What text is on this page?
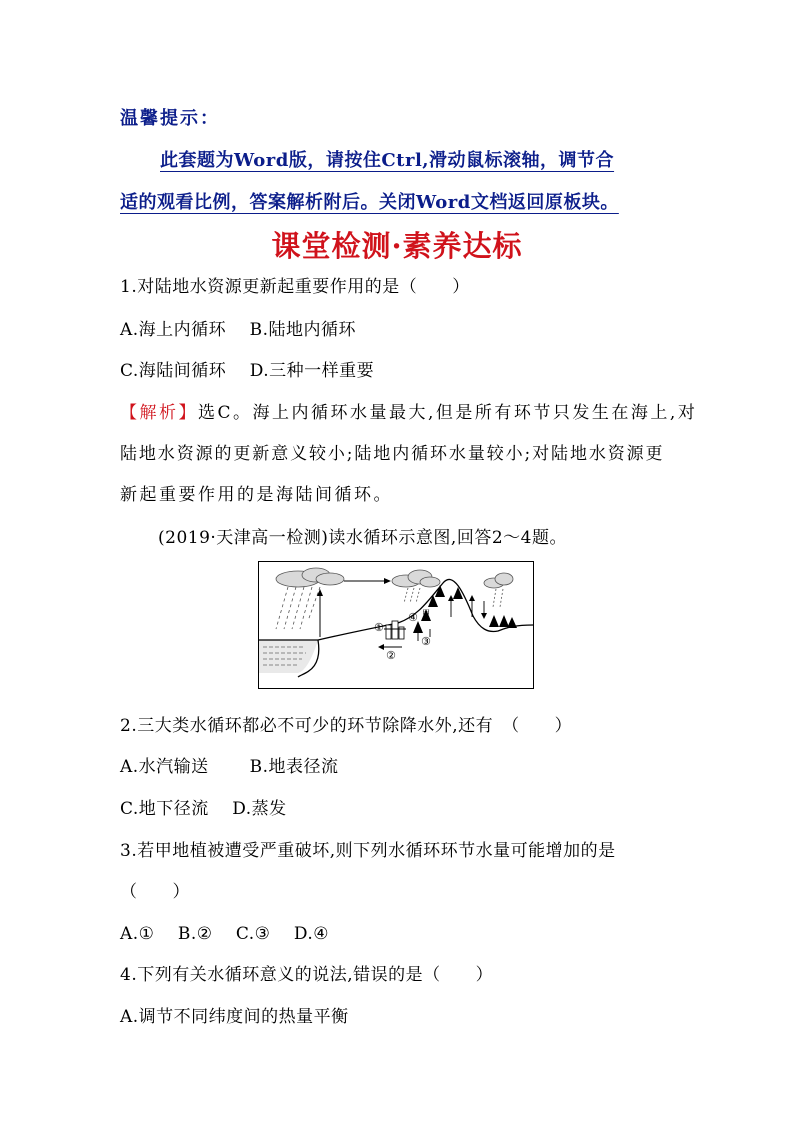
温馨提示：
此套题为Word版，请按住Ctrl,滑动鼠标滚轴，调节合
适的观看比例，答案解析附后。关闭Word文档返回原板块。
课堂检测·素养达标
1.对陆地水资源更新起重要作用的是（　　）
A.海上内循环　 B.陆地内循环
C.海陆间循环　 D.三种一样重要
【解析】选C。海上内循环水量最大,但是所有环节只发生在海上,对
陆地水资源的更新意义较小;陆地内循环水量较小;对陆地水资源更
新起重要作用的是海陆间循环。
(2019·天津高一检测)读水循环示意图,回答2～4题。
①
②
③
④ 甲
2.三大类水循环都必不可少的环节除降水外,还有　（　　）
A.水汽输送　　 B.地表径流
C.地下径流　 D.蒸发
3.若甲地植被遭受严重破坏,则下列水循环环节水量可能增加的是
（　　）
A.①　 B.②　 C.③　 D.④
4.下列有关水循环意义的说法,错误的是（　　）
A.调节不同纬度间的热量平衡
